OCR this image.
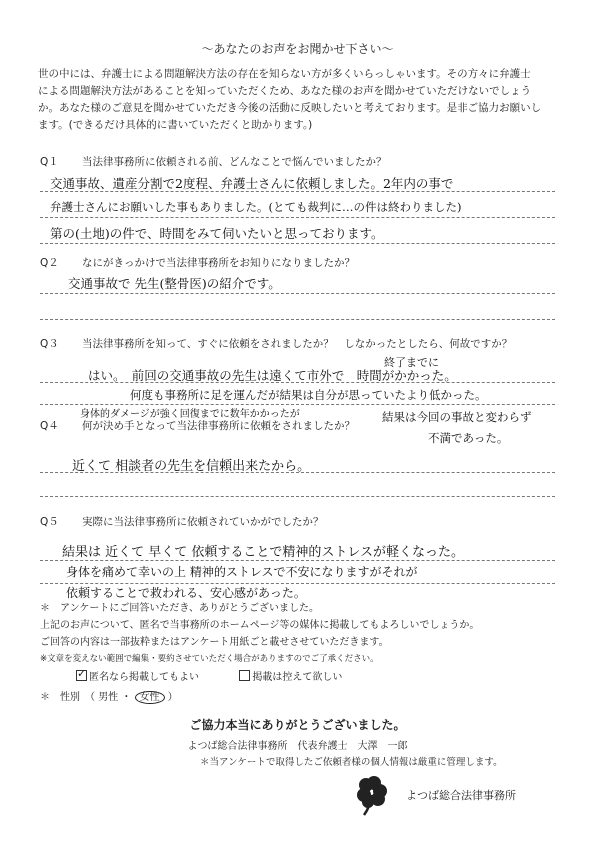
～あなたのお声をお聞かせ下さい～
世の中には、弁護士による問題解決方法の存在を知らない方が多くいらっしゃいます。その方々に弁護士
による問題解決方法があることを知っていただくため、あなた様のお声を聞かせていただけないでしょう
か。あなた様のご意見を聞かせていただき今後の活動に反映したいと考えております。是非ご協力お願いし
ます。(できるだけ具体的に書いていただくと助かります。)
Q１ 当法律事務所に依頼される前、どんなことで悩んでいましたか？
交通事故、遺産分割で2度程、弁護士さんに依頼しました。2年内の事で
弁護士さんにお願いした事もありました。(とても裁判に…の件は終わりました)
第の(土地)の件で、時間をみて伺いたいと思っております。
Q２ なにがきっかけで当法律事務所をお知りになりましたか？
交通事故で 先生(整骨医)の紹介です。
Q３ 当法律事務所を知って、すぐに依頼をされましたか？　しなかったとしたら、何故ですか？
終了までに
はい。　前回の交通事故の先生は遠くて市外で　時間がかかった。
何度も事務所に足を運んだが結果は自分が思っていたより低かった。
身体的ダメージが強く回復までに数年かかったが	結果は今回の事故と変わらず
不満であった。
Q４ 何が決め手となって当法律事務所に依頼をされましたか？
近くて 相談者の先生を信頼出来たから。
Q５ 実際に当法律事務所に依頼されていかがでしたか？
結果は 近くて 早くて 依頼することで精神的ストレスが軽くなった。
身体を痛めて幸いの上 精神的ストレスで不安になりますがそれが
依頼することで救われる、安心感があった。
＊　アンケートにご回答いただき、ありがとうございました。
上記のお声について、匿名で当事務所のホームページ等の媒体に掲載してもよろしいでしょうか。
ご回答の内容は一部抜粋またはアンケート用紙ごと載せさせていただきます。
※文章を変えない範囲で編集・要約させていただく場合がありますのでご了承ください。
✓ 匿名なら掲載してもよい	掲載は控えて欲しい
＊　性別　（ 男性 ・ 女性 ）
ご協力本当にありがとうございました。
よつば総合法律事務所　代表弁護士　大澤　一郎
＊当アンケートで取得したご依頼者様の個人情報は厳重に管理します。
よつば総合法律事務所
